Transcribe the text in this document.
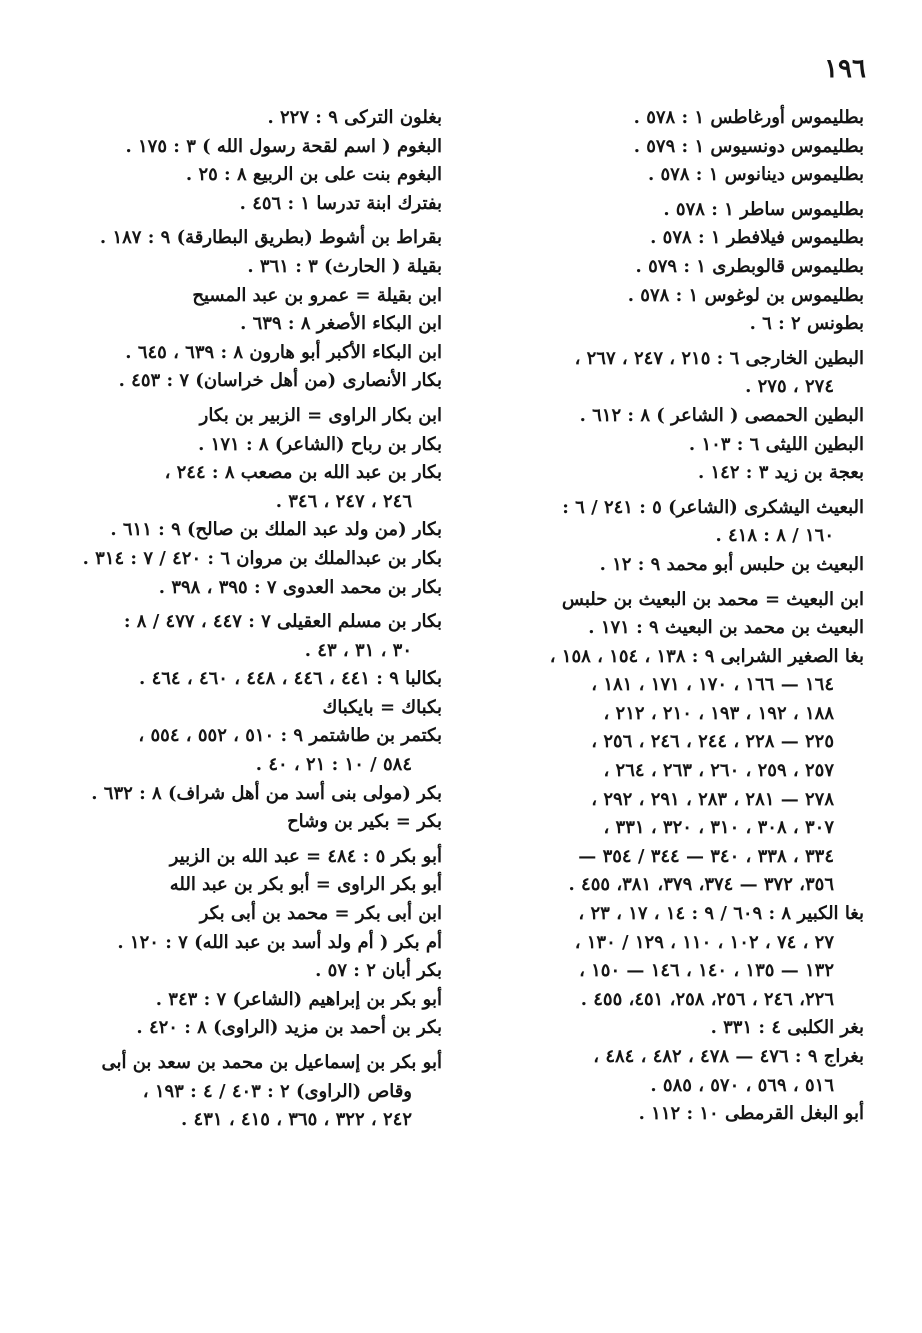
١٩٦
بطليموس أورغاطس ١ : ٥٧٨ .
بطليموس دونسيوس ١ : ٥٧٩ .
بطليموس دينانوس ١ : ٥٧٨ .
بطليموس ساطر ١ : ٥٧٨ .
بطليموس فيلافطر ١ : ٥٧٨ .
بطليموس قالوبطرى ١ : ٥٧٩ .
بطليموس بن لوغوس ١ : ٥٧٨ .
بطونس ٢ : ٦ .
البطين الخارجى ٦ : ٢١٥ ، ٢٤٧ ، ٢٦٧ ،
٢٧٤ ، ٢٧٥ .
البطين الحمصى ( الشاعر ) ٨ : ٦١٢ .
البطين الليثى ٦ : ١٠٣ .
بعجة بن زيد ٣ : ١٤٢ .
البعيث اليشكرى (الشاعر) ٥ : ٢٤١ / ٦ :
١٦٠ / ٨ : ٤١٨ .
البعيث بن حلبس أبو محمد ٩ : ١٢ .
ابن البعيث = محمد بن البعيث بن حلبس
البعيث بن محمد بن البعيث ٩ : ١٧١ .
بغا الصغير الشرابى ٩ : ١٣٨ ، ١٥٤ ، ١٥٨ ،
١٦٤ — ١٦٦ ، ١٧٠ ، ١٧١ ، ١٨١ ،
١٨٨ ، ١٩٢ ، ١٩٣ ، ٢١٠ ، ٢١٢ ،
٢٢٥ — ٢٢٨ ، ٢٤٤ ، ٢٤٦ ، ٢٥٦ ،
٢٥٧ ، ٢٥٩ ، ٢٦٠ ، ٢٦٣ ، ٢٦٤ ،
٢٧٨ — ٢٨١ ، ٢٨٣ ، ٢٩١ ، ٢٩٢ ،
٣٠٧ ، ٣٠٨ ، ٣١٠ ، ٣٢٠ ، ٣٣١ ،
٣٣٤ ، ٣٣٨ ، ٣٤٠ — ٣٤٤ / ٣٥٤ —
٣٥٦، ٣٧٢ — ٣٧٤، ٣٧٩، ٣٨١، ٤٥٥ .
بغا الكبير ٨ : ٦٠٩ / ٩ : ١٤ ، ١٧ ، ٢٣ ،
٢٧ ، ٧٤ ، ١٠٢ ، ١١٠ ، ١٢٩ / ١٣٠ ،
١٣٢ — ١٣٥ ، ١٤٠ ، ١٤٦ — ١٥٠ ،
٢٢٦، ٢٤٦ ، ٢٥٦، ٢٥٨، ٤٥١، ٤٥٥ .
بغر الكلبى ٤ : ٣٣١ .
بغراج ٩ : ٤٧٦ — ٤٧٨ ، ٤٨٢ ، ٤٨٤ ،
٥١٦ ، ٥٦٩ ، ٥٧٠ ، ٥٨٥ .
أبو البغل القرمطى ١٠ : ١١٢ .
بغلون التركى ٩ : ٢٢٧ .
البغوم ( اسم لقحة رسول الله ) ٣ : ١٧٥ .
البغوم بنت على بن الربيع ٨ : ٢٥ .
بفترك ابنة تدرسا ١ : ٤٥٦ .
بقراط بن أشوط (بطريق البطارقة) ٩ : ١٨٧ .
بقيلة ( الحارث) ٣ : ٣٦١ .
ابن بقيلة = عمرو بن عبد المسيح
ابن البكاء الأصغر ٨ : ٦٣٩ .
ابن البكاء الأكبر أبو هارون ٨ : ٦٣٩ ، ٦٤٥ .
بكار الأنصارى (من أهل خراسان) ٧ : ٤٥٣ .
ابن بكار الراوى = الزبير بن بكار
بكار بن رباح (الشاعر) ٨ : ١٧١ .
بكار بن عبد الله بن مصعب ٨ : ٢٤٤ ،
٢٤٦ ، ٢٤٧ ، ٣٤٦ .
بكار (من ولد عبد الملك بن صالح) ٩ : ٦١١ .
بكار بن عبدالملك بن مروان ٦ : ٤٢٠ / ٧ : ٣١٤ .
بكار بن محمد العدوى ٧ : ٣٩٥ ، ٣٩٨ .
بكار بن مسلم العقيلى ٧ : ٤٤٧ ، ٤٧٧ / ٨ :
٣٠ ، ٣١ ، ٤٣ .
بكالبا ٩ : ٤٤١ ، ٤٤٦ ، ٤٤٨ ، ٤٦٠ ، ٤٦٤ .
بكباك = بايكباك
بكتمر بن طاشتمر ٩ : ٥١٠ ، ٥٥٢ ، ٥٥٤ ،
٥٨٤ / ١٠ : ٢١ ، ٤٠ .
بكر (مولى بنى أسد من أهل شراف) ٨ : ٦٣٢ .
بكر = بكير بن وشاح
أبو بكر ٥ : ٤٨٤ = عبد الله بن الزبير
أبو بكر الراوى = أبو بكر بن عبد الله
ابن أبى بكر = محمد بن أبى بكر
أم بكر ( أم ولد أسد بن عبد الله) ٧ : ١٢٠ .
بكر أبان ٢ : ٥٧ .
أبو بكر بن إبراهيم (الشاعر) ٧ : ٣٤٣ .
بكر بن أحمد بن مزيد (الراوى) ٨ : ٤٢٠ .
أبو بكر بن إسماعيل بن محمد بن سعد بن أبى
وقاص (الراوى) ٢ : ٤٠٣ / ٤ : ١٩٣ ،
٢٤٢ ، ٣٢٢ ، ٣٦٥ ، ٤١٥ ، ٤٣١ .
